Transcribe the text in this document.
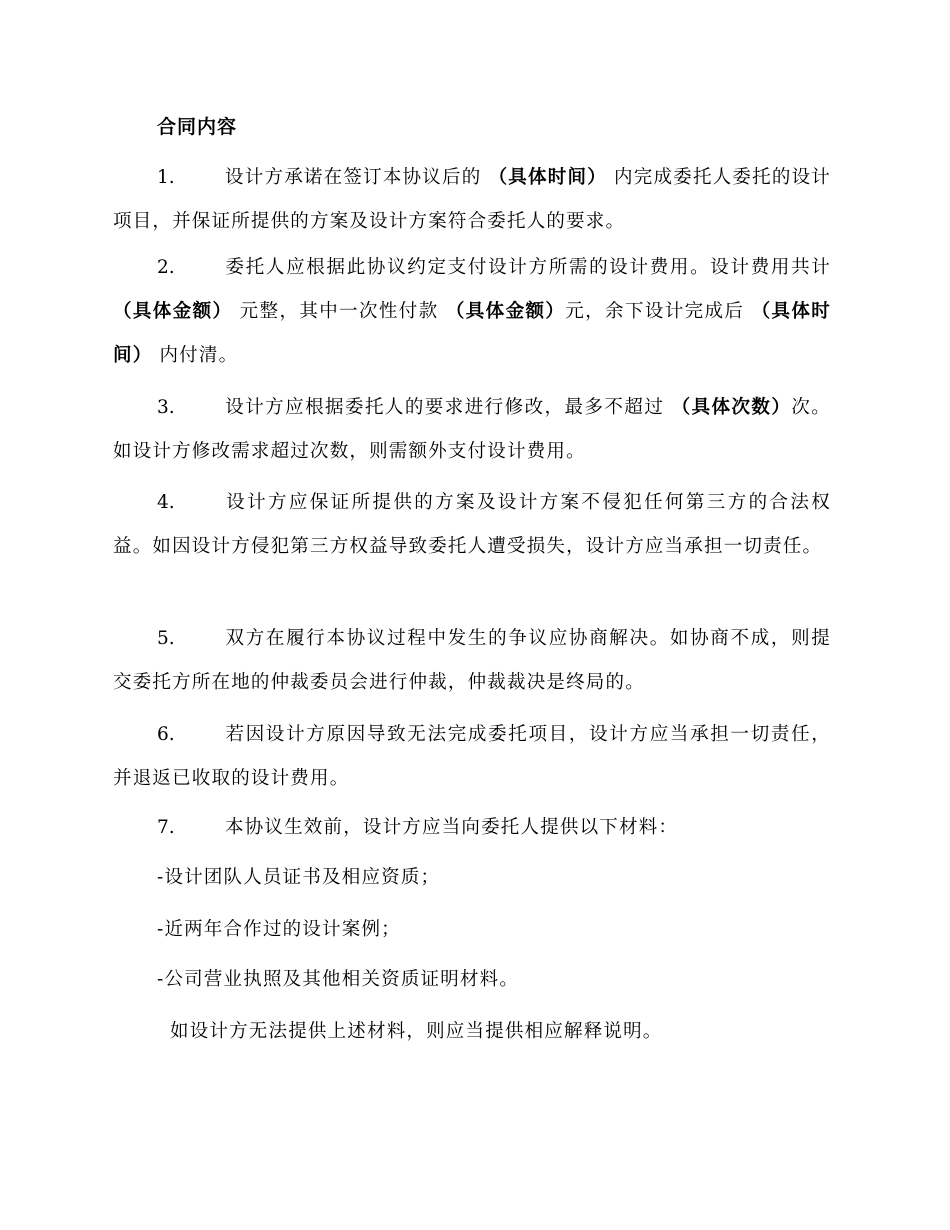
合同内容
1.	设计方承诺在签订本协议后的 （具体时间） 内完成委托人委托的设计项目，并保证所提供的方案及设计方案符合委托人的要求。
2.	委托人应根据此协议约定支付设计方所需的设计费用。设计费用共计 （具体金额） 元整，其中一次性付款 （具体金额）元，余下设计完成后 （具体时间） 内付清。
3.	设计方应根据委托人的要求进行修改，最多不超过 （具体次数）次。如设计方修改需求超过次数，则需额外支付设计费用。
4.	设计方应保证所提供的方案及设计方案不侵犯任何第三方的合法权益。如因设计方侵犯第三方权益导致委托人遭受损失，设计方应当承担一切责任。
5.	双方在履行本协议过程中发生的争议应协商解决。如协商不成，则提交委托方所在地的仲裁委员会进行仲裁，仲裁裁决是终局的。
6.	若因设计方原因导致无法完成委托项目，设计方应当承担一切责任，并退返已收取的设计费用。
7.	本协议生效前，设计方应当向委托人提供以下材料：
-设计团队人员证书及相应资质；
-近两年合作过的设计案例；
-公司营业执照及其他相关资质证明材料。
如设计方无法提供上述材料，则应当提供相应解释说明。
